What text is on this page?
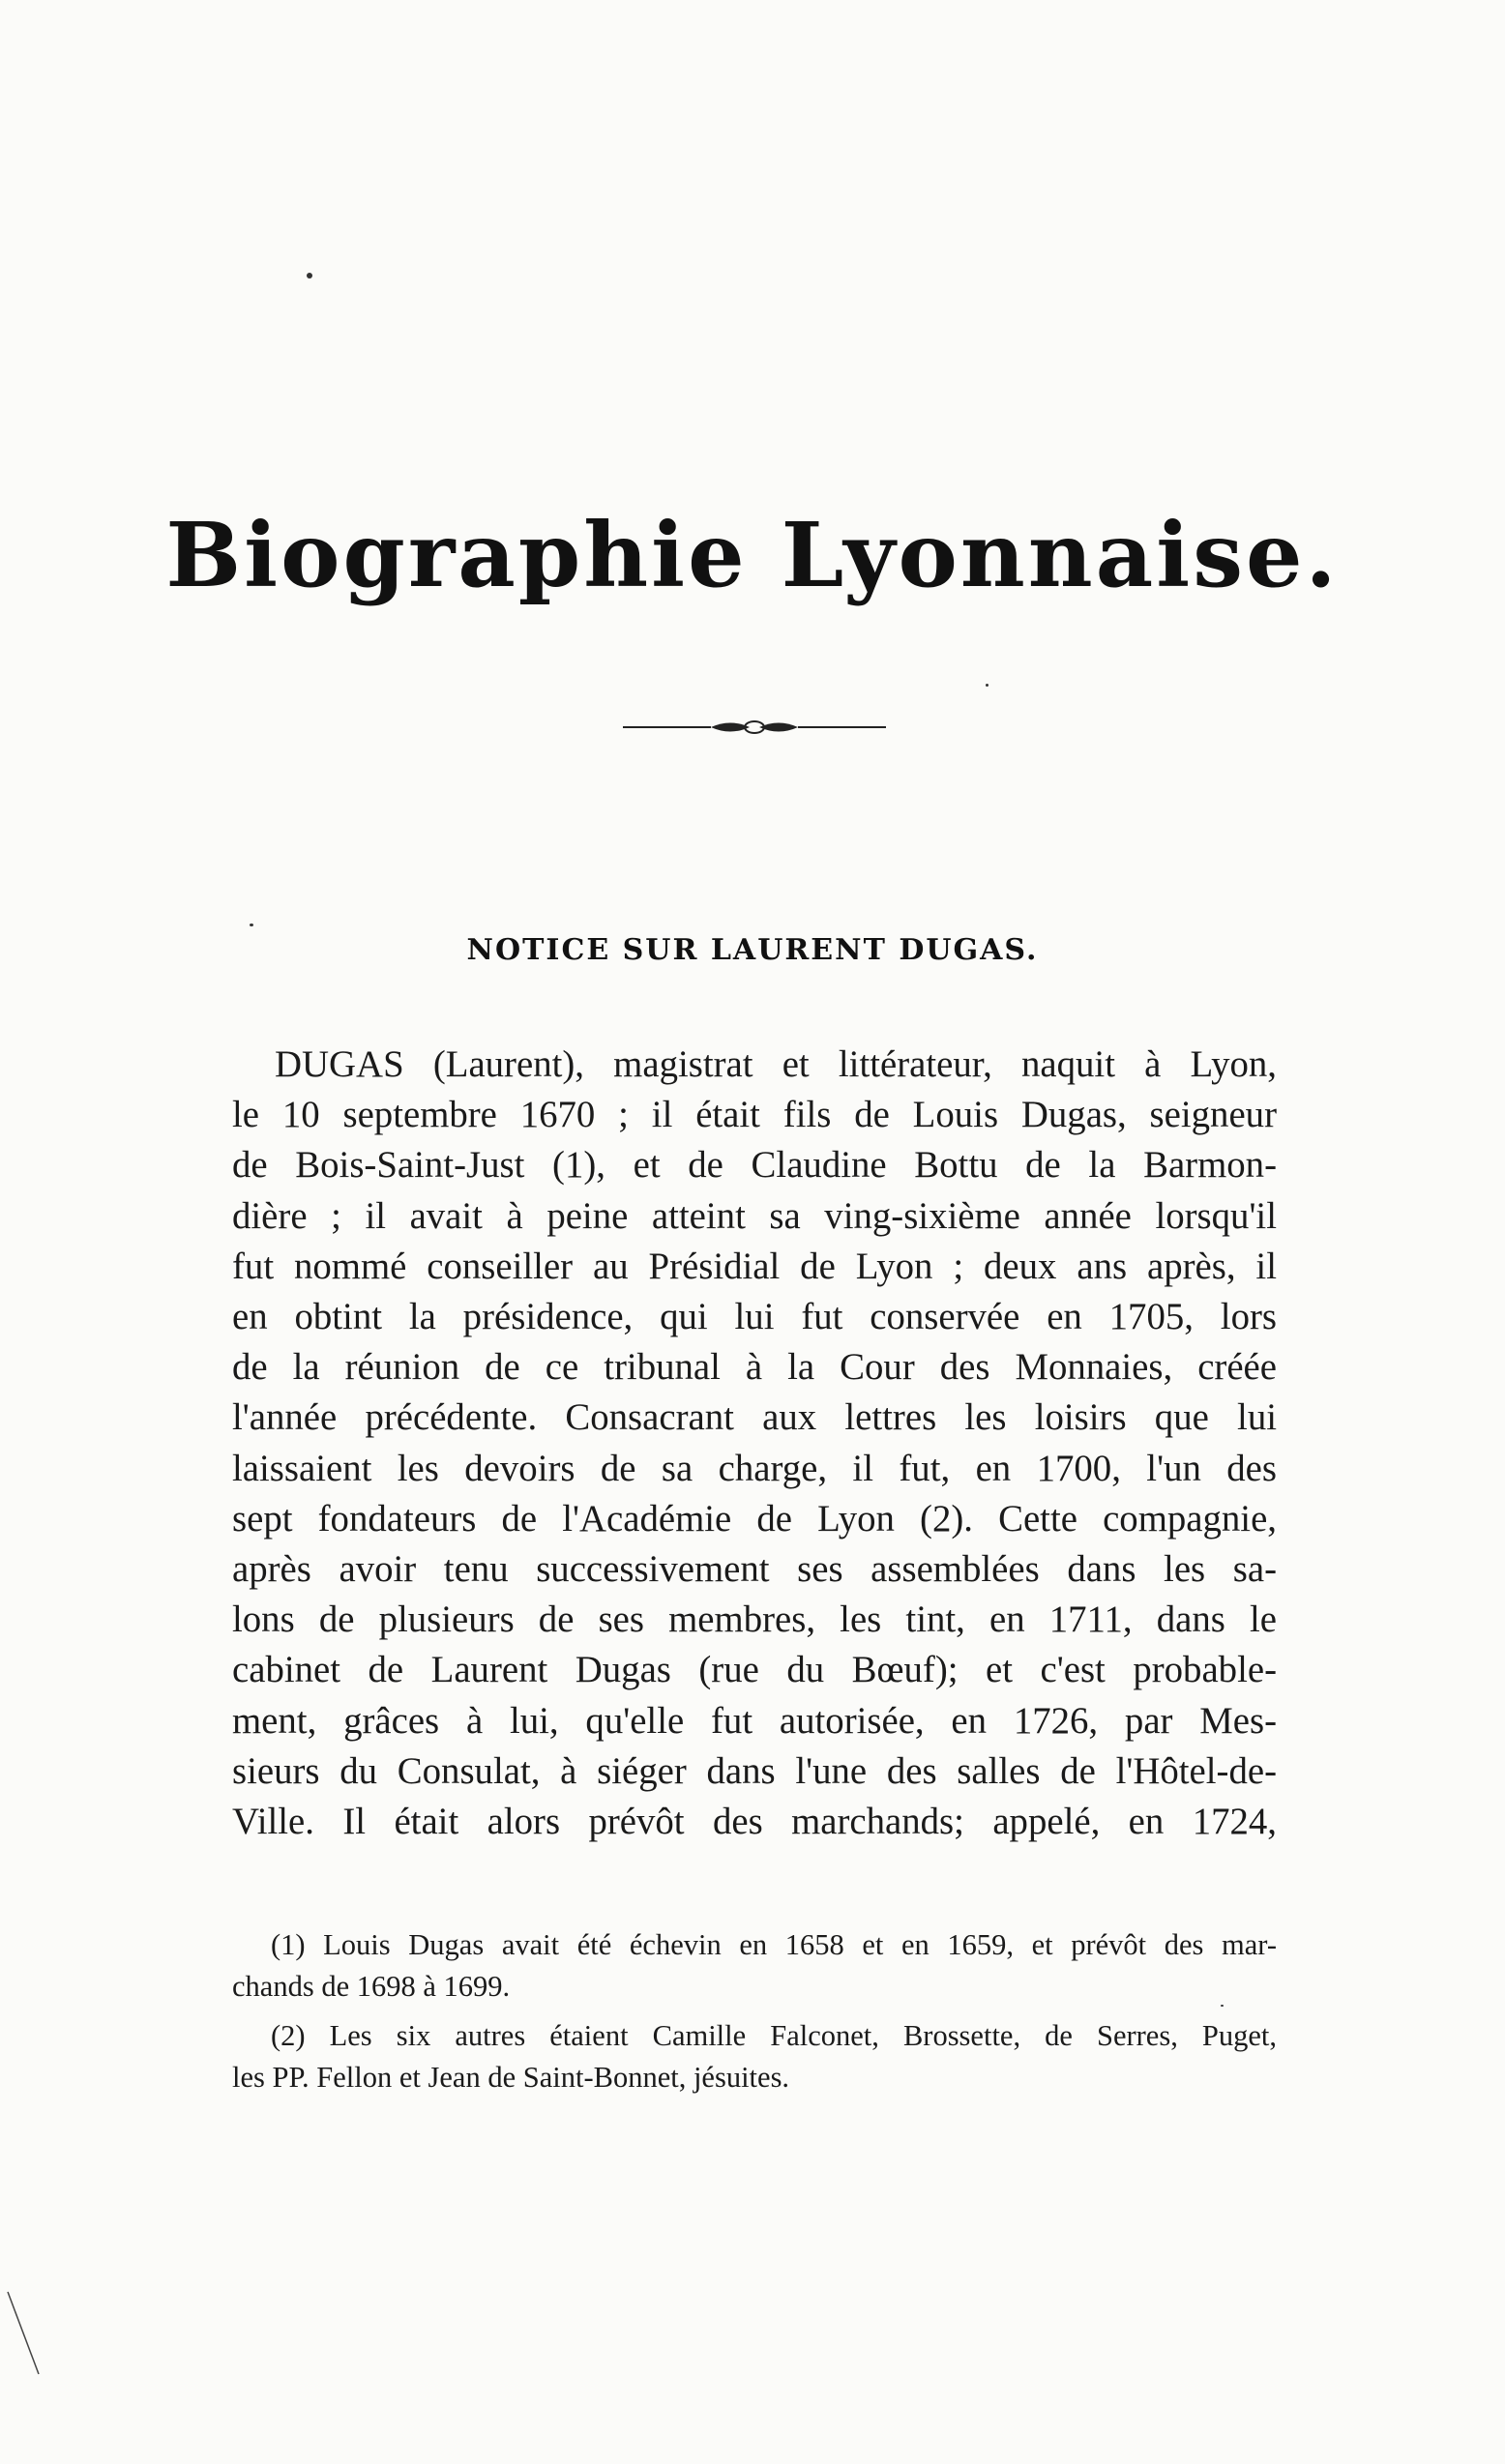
Biographie Lyonnaise.
NOTICE SUR LAURENT DUGAS.
DUGAS (Laurent), magistrat et littérateur, naquit à Lyon,
le 10 septembre 1670 ; il était fils de Louis Dugas, seigneur
de Bois-Saint-Just (1), et de Claudine Bottu de la Barmon-
dière ; il avait à peine atteint sa ving-sixième année lorsqu'il
fut nommé conseiller au Présidial de Lyon ; deux ans après, il
en obtint la présidence, qui lui fut conservée en 1705, lors
de la réunion de ce tribunal à la Cour des Monnaies, créée
l'année précédente. Consacrant aux lettres les loisirs que lui
laissaient les devoirs de sa charge, il fut, en 1700, l'un des
sept fondateurs de l'Académie de Lyon (2). Cette compagnie,
après avoir tenu successivement ses assemblées dans les sa-
lons de plusieurs de ses membres, les tint, en 1711, dans le
cabinet de Laurent Dugas (rue du Bœuf); et c'est probable-
ment, grâces à lui, qu'elle fut autorisée, en 1726, par Mes-
sieurs du Consulat, à siéger dans l'une des salles de l'Hôtel-de-
Ville. Il était alors prévôt des marchands; appelé, en 1724,
(1) Louis Dugas avait été échevin en 1658 et en 1659, et prévôt des mar-
chands de 1698 à 1699.
(2) Les six autres étaient Camille Falconet, Brossette, de Serres, Puget,
les PP. Fellon et Jean de Saint-Bonnet, jésuites.
